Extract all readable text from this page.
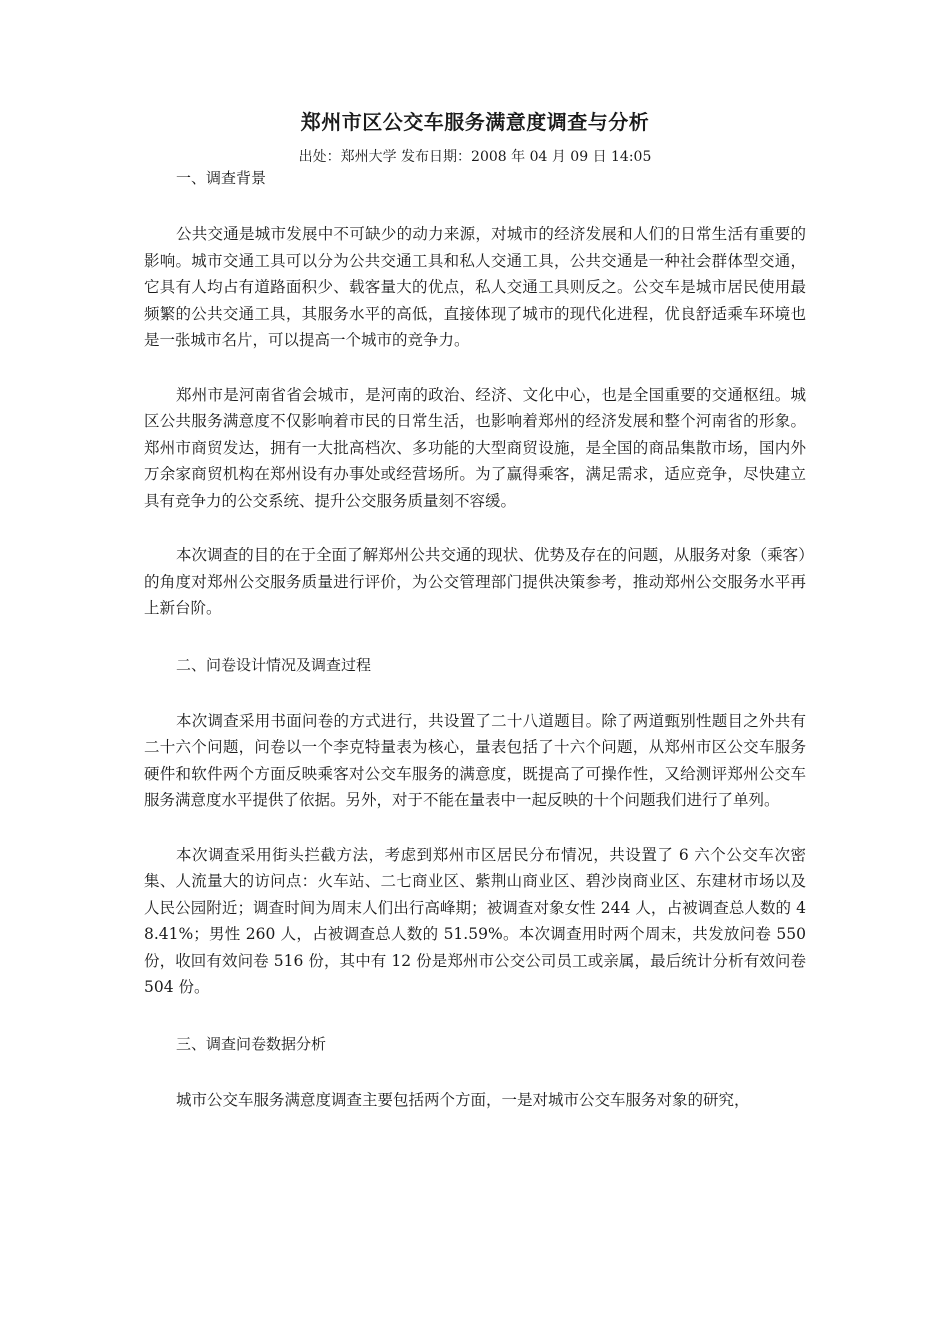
郑州市区公交车服务满意度调查与分析

出处：郑州大学 发布日期：2008 年 04 月 09 日 14:05

一、调查背景

公共交通是城市发展中不可缺少的动力来源，对城市的经济发展和人们的日常生活有重要的影响。城市交通工具可以分为公共交通工具和私人交通工具，公共交通是一种社会群体型交通，它具有人均占有道路面积少、载客量大的优点，私人交通工具则反之。公交车是城市居民使用最频繁的公共交通工具，其服务水平的高低，直接体现了城市的现代化进程，优良舒适乘车环境也是一张城市名片，可以提高一个城市的竞争力。

郑州市是河南省省会城市，是河南的政治、经济、文化中心，也是全国重要的交通枢纽。城区公共服务满意度不仅影响着市民的日常生活，也影响着郑州的经济发展和整个河南省的形象。郑州市商贸发达，拥有一大批高档次、多功能的大型商贸设施，是全国的商品集散市场，国内外万余家商贸机构在郑州设有办事处或经营场所。为了赢得乘客，满足需求，适应竞争，尽快建立具有竞争力的公交系统、提升公交服务质量刻不容缓。

本次调查的目的在于全面了解郑州公共交通的现状、优势及存在的问题，从服务对象（乘客）的角度对郑州公交服务质量进行评价，为公交管理部门提供决策参考，推动郑州公交服务水平再上新台阶。

二、问卷设计情况及调查过程

本次调查采用书面问卷的方式进行，共设置了二十八道题目。除了两道甄别性题目之外共有二十六个问题，问卷以一个李克特量表为核心，量表包括了十六个问题，从郑州市区公交车服务硬件和软件两个方面反映乘客对公交车服务的满意度，既提高了可操作性，又给测评郑州公交车服务满意度水平提供了依据。另外，对于不能在量表中一起反映的十个问题我们进行了单列。

本次调查采用街头拦截方法，考虑到郑州市区居民分布情况，共设置了 6 六个公交车次密集、人流量大的访问点：火车站、二七商业区、紫荆山商业区、碧沙岗商业区、东建材市场以及人民公园附近；调查时间为周末人们出行高峰期；被调查对象女性 244 人，占被调查总人数的 48.41%；男性 260 人，占被调查总人数的 51.59%。本次调查用时两个周末，共发放问卷 550 份，收回有效问卷 516 份，其中有 12 份是郑州市公交公司员工或亲属，最后统计分析有效问卷 504 份。

三、调查问卷数据分析

城市公交车服务满意度调查主要包括两个方面，一是对城市公交车服务对象的研究，
